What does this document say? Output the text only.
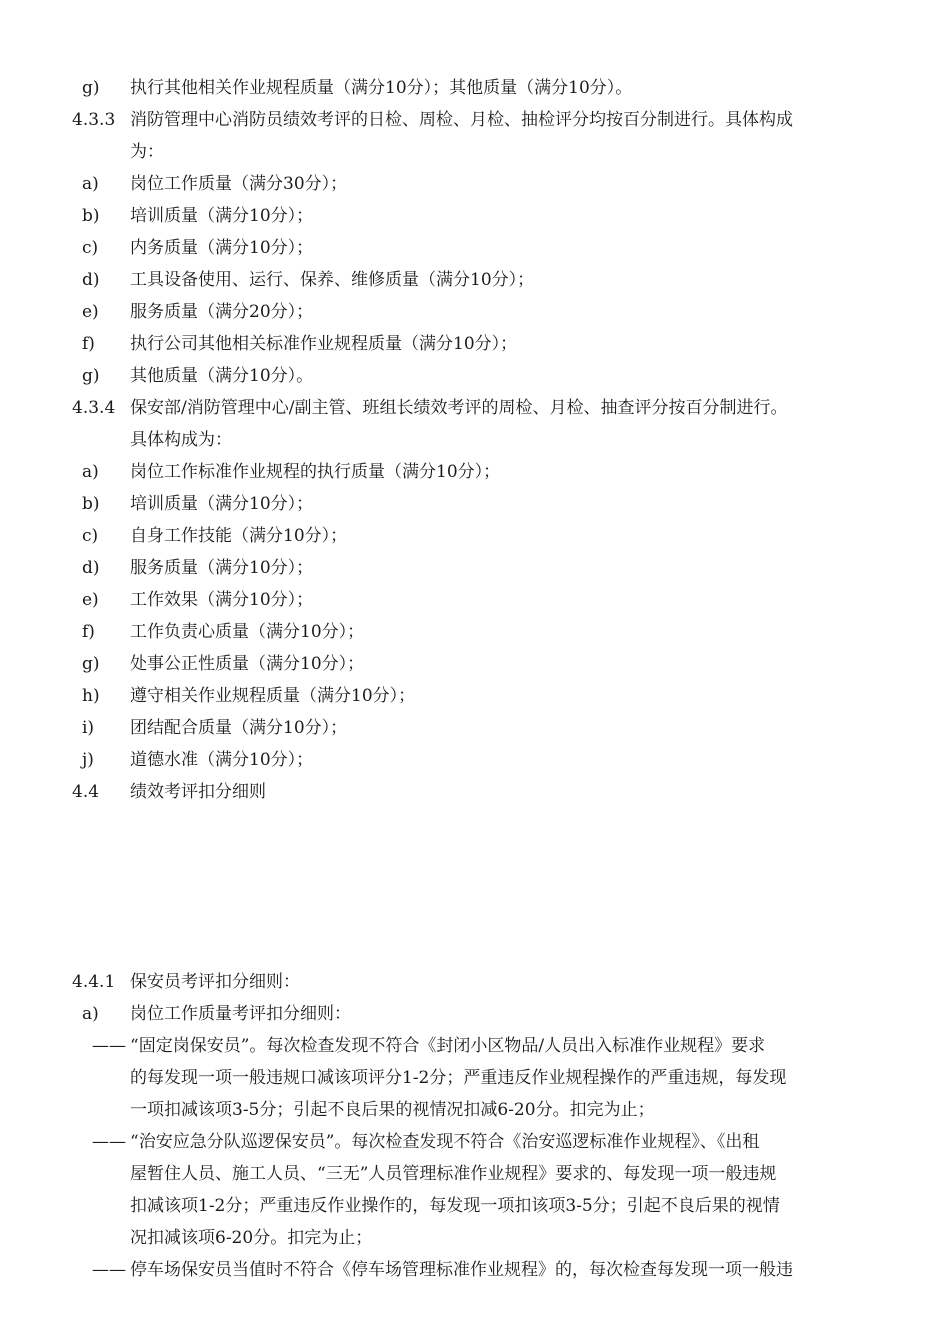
g) 执行其他相关作业规程质量（满分10分）；其他质量（满分10分）。
4.3.3 消防管理中心消防员绩效考评的日检、周检、月检、抽检评分均按百分制进行。具体构成
为：
a) 岗位工作质量（满分30分）；
b) 培训质量（满分10分）；
c) 内务质量（满分10分）；
d) 工具设备使用、运行、保养、维修质量（满分10分）；
e) 服务质量（满分20分）；
f) 执行公司其他相关标准作业规程质量（满分10分）；
g) 其他质量（满分10分）。
4.3.4 保安部/消防管理中心/副主管、班组长绩效考评的周检、月检、抽查评分按百分制进行。
具体构成为：
a) 岗位工作标准作业规程的执行质量（满分10分）；
b) 培训质量（满分10分）；
c) 自身工作技能（满分10分）；
d) 服务质量（满分10分）；
e) 工作效果（满分10分）；
f) 工作负责心质量（满分10分）；
g) 处事公正性质量（满分10分）；
h) 遵守相关作业规程质量（满分10分）；
i) 团结配合质量（满分10分）；
j) 道德水准（满分10分）；
4.4 绩效考评扣分细则
4.4.1 保安员考评扣分细则：
a) 岗位工作质量考评扣分细则：
—— “固定岗保安员”。每次检查发现不符合《封闭小区物品/人员出入标准作业规程》要求
的每发现一项一般违规口减该项评分1-2分；严重违反作业规程操作的严重违规，每发现
一项扣减该项3-5分；引起不良后果的视情况扣减6-20分。扣完为止；
—— “治安应急分队巡逻保安员”。每次检查发现不符合《治安巡逻标准作业规程》、《出租
屋暂住人员、施工人员、“三无”人员管理标准作业规程》要求的、每发现一项一般违规
扣减该项1-2分；严重违反作业操作的，每发现一项扣该项3-5分；引起不良后果的视情
况扣减该项6-20分。扣完为止；
—— 停车场保安员当值时不符合《停车场管理标准作业规程》的，每次检查每发现一项一般违
